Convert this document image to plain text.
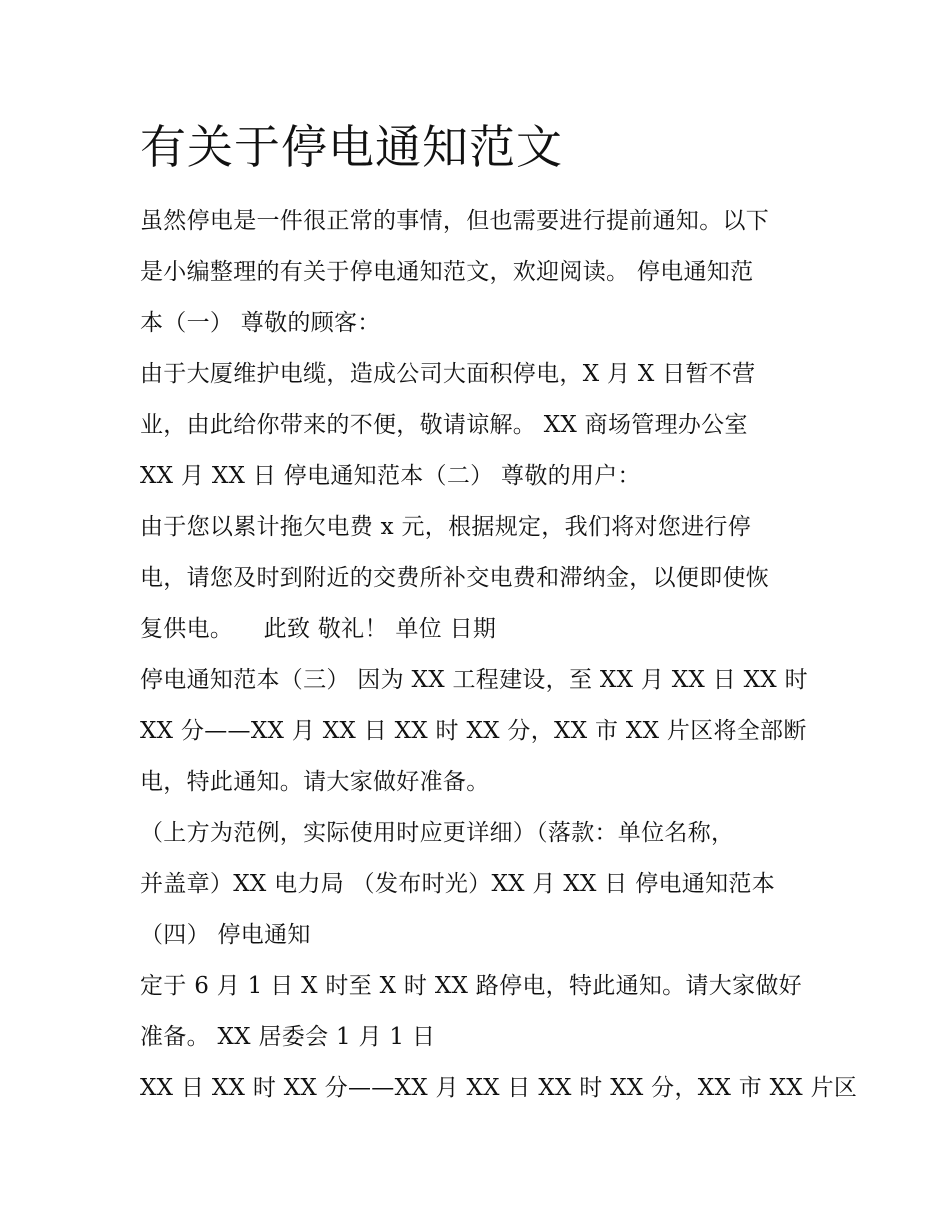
有关于停电通知范文
虽然停电是一件很正常的事情，但也需要进行提前通知。以下
是小编整理的有关于停电通知范文，欢迎阅读。 停电通知范
本（一） 尊敬的顾客：
由于大厦维护电缆，造成公司大面积停电，X 月 X 日暂不营
业，由此给你带来的不便，敬请谅解。 XX 商场管理办公室
XX 月 XX 日 停电通知范本（二） 尊敬的用户：
由于您以累计拖欠电费 x 元，根据规定，我们将对您进行停
电，请您及时到附近的交费所补交电费和滞纳金，以便即使恢
复供电。    此致 敬礼！ 单位 日期
停电通知范本（三） 因为 XX 工程建设，至 XX 月 XX 日 XX 时
XX 分——XX 月 XX 日 XX 时 XX 分，XX 市 XX 片区将全部断
电，特此通知。请大家做好准备。
（上方为范例，实际使用时应更详细）（落款：单位名称，
并盖章）XX 电力局 （发布时光）XX 月 XX 日 停电通知范本
（四） 停电通知
定于 6 月 1 日 X 时至 X 时 XX 路停电，特此通知。请大家做好
准备。 XX 居委会 1 月 1 日
XX 日 XX 时 XX 分——XX 月 XX 日 XX 时 XX 分，XX 市 XX 片区
